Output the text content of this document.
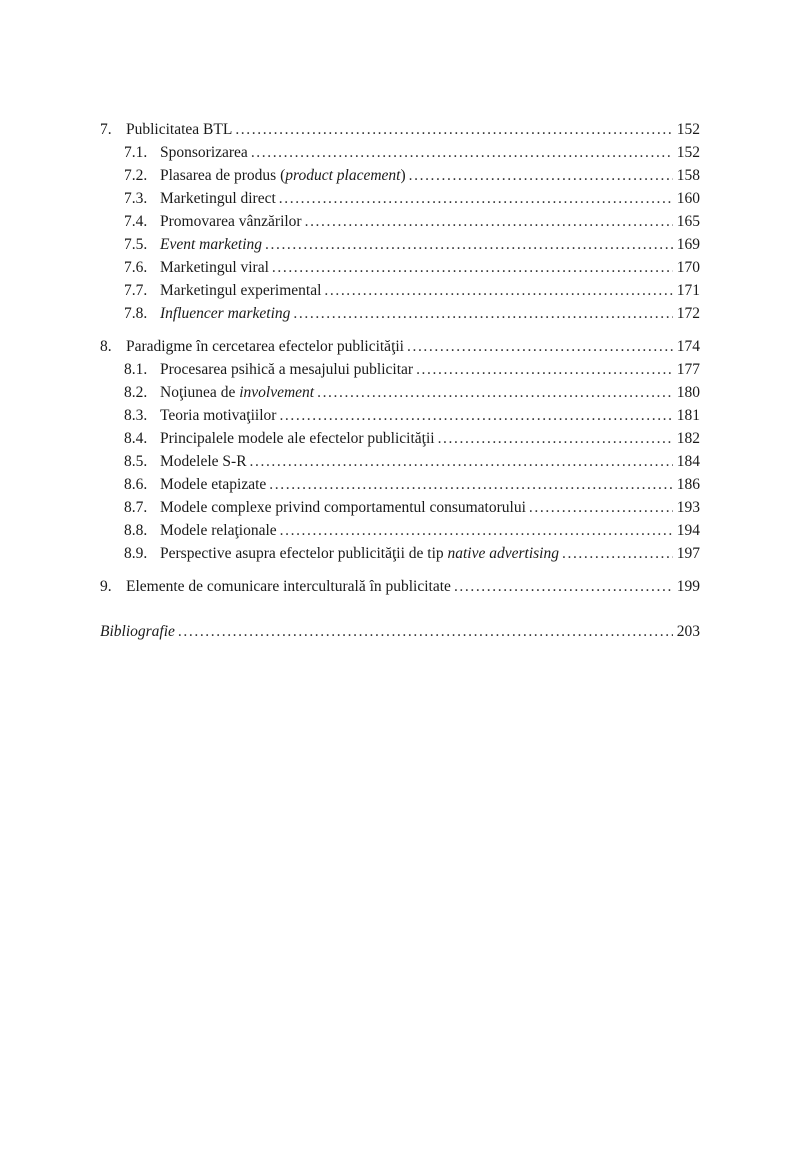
7. Publicitatea BTL .....	152
7.1. Sponsorizarea .....	152
7.2. Plasarea de produs (product placement) .....	158
7.3. Marketingul direct .....	160
7.4. Promovarea vânzărilor .....	165
7.5. Event marketing .....	169
7.6. Marketingul viral .....	170
7.7. Marketingul experimental .....	171
7.8. Influencer marketing .....	172
8. Paradigme în cercetarea efectelor publicităţii .....	174
8.1. Procesarea psihică a mesajului publicitar .....	177
8.2. Noţiunea de involvement .....	180
8.3. Teoria motivaţiilor .....	181
8.4. Principalele modele ale efectelor publicităţii .....	182
8.5. Modelele S-R .....	184
8.6. Modele etapizate .....	186
8.7. Modele complexe privind comportamentul consumatorului .....	193
8.8. Modele relaţionale .....	194
8.9. Perspective asupra efectelor publicităţii de tip native advertising .....	197
9. Elemente de comunicare interculturală în publicitate .....	199
Bibliografie .....	203
